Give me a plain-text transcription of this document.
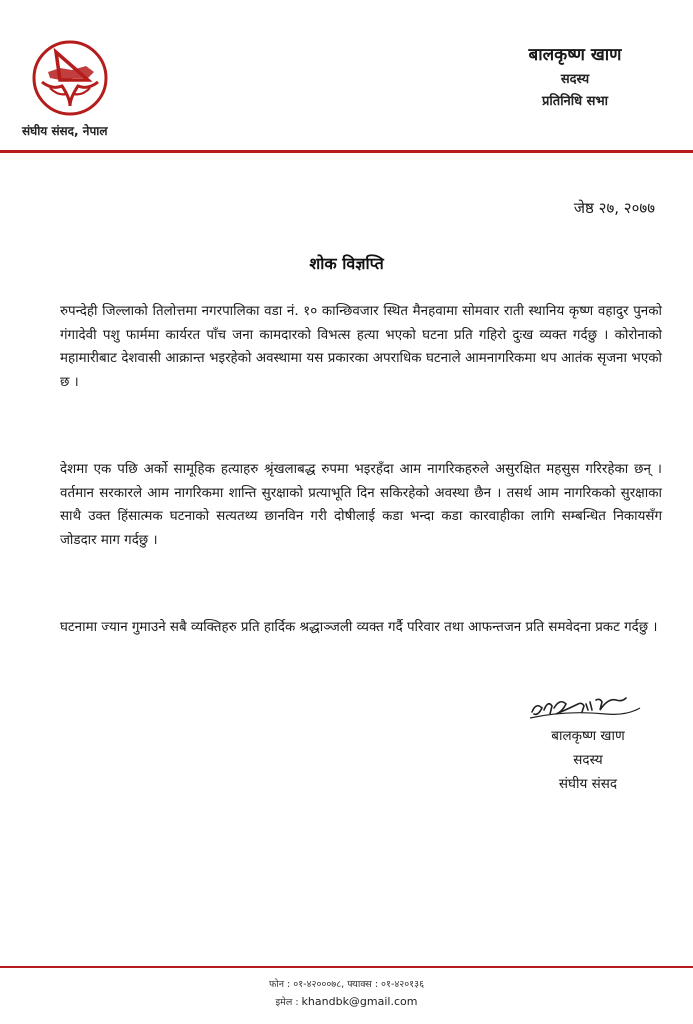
संघीय संसद, नेपाल
बालकृष्ण खाण
सदस्य
प्रतिनिधि सभा
जेष्ठ २७, २०७७
शोक विज्ञप्ति

रुपन्देही जिल्लाको तिलोत्तमा नगरपालिका वडा नं. १० कान्छिवजार स्थित मैनहवामा सोमवार राती स्थानिय कृष्ण वहादुर पुनको गंगादेवी पशु फार्ममा कार्यरत पाँच जना कामदारको विभत्स हत्या भएको घटना प्रति गहिरो दुःख व्यक्त गर्दछु । कोरोनाको महामारीबाट देशवासी आक्रान्त भइरहेको अवस्थामा यस प्रकारका अपराधिक घटनाले आमनागरिकमा थप आतंक सृजना भएको छ ।

देशमा एक पछि अर्को सामूहिक हत्याहरु श्रृंखलाबद्ध रुपमा भइरहँदा आम नागरिकहरुले असुरक्षित महसुस गरिरहेका छन् । वर्तमान सरकारले आम नागरिकमा शान्ति सुरक्षाको प्रत्याभूति दिन सकिरहेको अवस्था छैन । तसर्थ आम नागरिकको सुरक्षाका साथै उक्त हिंसात्मक घटनाको सत्यतथ्य छानविन गरी दोषीलाई कडा भन्दा कडा कारवाहीका लागि सम्बन्धित निकायसँग जोडदार माग गर्दछु ।

घटनामा ज्यान गुमाउने सबै व्यक्तिहरु प्रति हार्दिक श्रद्धाञ्जली व्यक्त गर्दै परिवार तथा आफन्तजन प्रति समवेदना प्रकट गर्दछु ।

बालकृष्ण खाण
सदस्य
संघीय संसद
फोन : ०१-४२०००७८, फ्याक्स : ०१-४२०१३६
इमेल : khandbk@gmail.com
